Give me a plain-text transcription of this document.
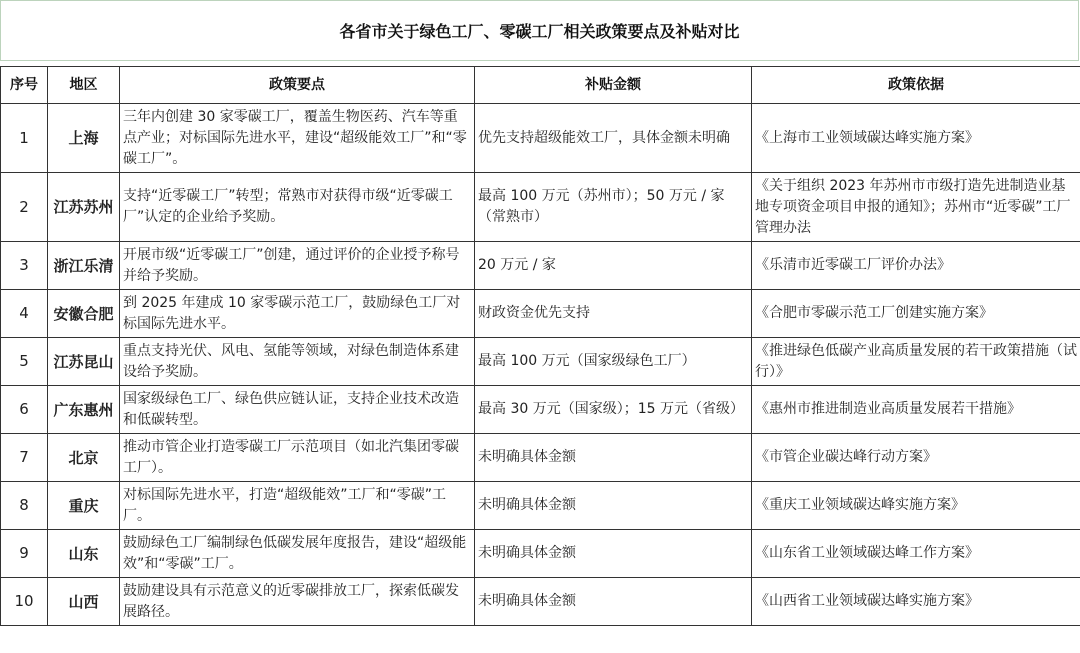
各省市关于绿色工厂、零碳工厂相关政策要点及补贴对比
序号	地区	政策要点	补贴金额	政策依据
1	上海	三年内创建 30 家零碳工厂，覆盖生物医药、汽车等重点产业；对标国际先进水平，建设“超级能效工厂”和“零碳工厂”。	优先支持超级能效工厂，具体金额未明确	《上海市工业领域碳达峰实施方案》
2	江苏苏州	支持“近零碳工厂”转型；常熟市对获得市级“近零碳工厂”认定的企业给予奖励。	最高 100 万元（苏州市）；50 万元 / 家（常熟市）	《关于组织 2023 年苏州市市级打造先进制造业基地专项资金项目申报的通知》；苏州市“近零碳”工厂管理办法
3	浙江乐清	开展市级“近零碳工厂”创建，通过评价的企业授予称号并给予奖励。	20 万元 / 家	《乐清市近零碳工厂评价办法》
4	安徽合肥	到 2025 年建成 10 家零碳示范工厂，鼓励绿色工厂对标国际先进水平。	财政资金优先支持	《合肥市零碳示范工厂创建实施方案》
5	江苏昆山	重点支持光伏、风电、氢能等领域，对绿色制造体系建设给予奖励。	最高 100 万元（国家级绿色工厂）	《推进绿色低碳产业高质量发展的若干政策措施（试行）》
6	广东惠州	国家级绿色工厂、绿色供应链认证，支持企业技术改造和低碳转型。	最高 30 万元（国家级）；15 万元（省级）	《惠州市推进制造业高质量发展若干措施》
7	北京	推动市管企业打造零碳工厂示范项目（如北汽集团零碳工厂）。	未明确具体金额	《市管企业碳达峰行动方案》
8	重庆	对标国际先进水平，打造“超级能效”工厂和“零碳”工厂。	未明确具体金额	《重庆工业领域碳达峰实施方案》
9	山东	鼓励绿色工厂编制绿色低碳发展年度报告，建设“超级能效”和“零碳”工厂。	未明确具体金额	《山东省工业领域碳达峰工作方案》
10	山西	鼓励建设具有示范意义的近零碳排放工厂，探索低碳发展路径。	未明确具体金额	《山西省工业领域碳达峰实施方案》
